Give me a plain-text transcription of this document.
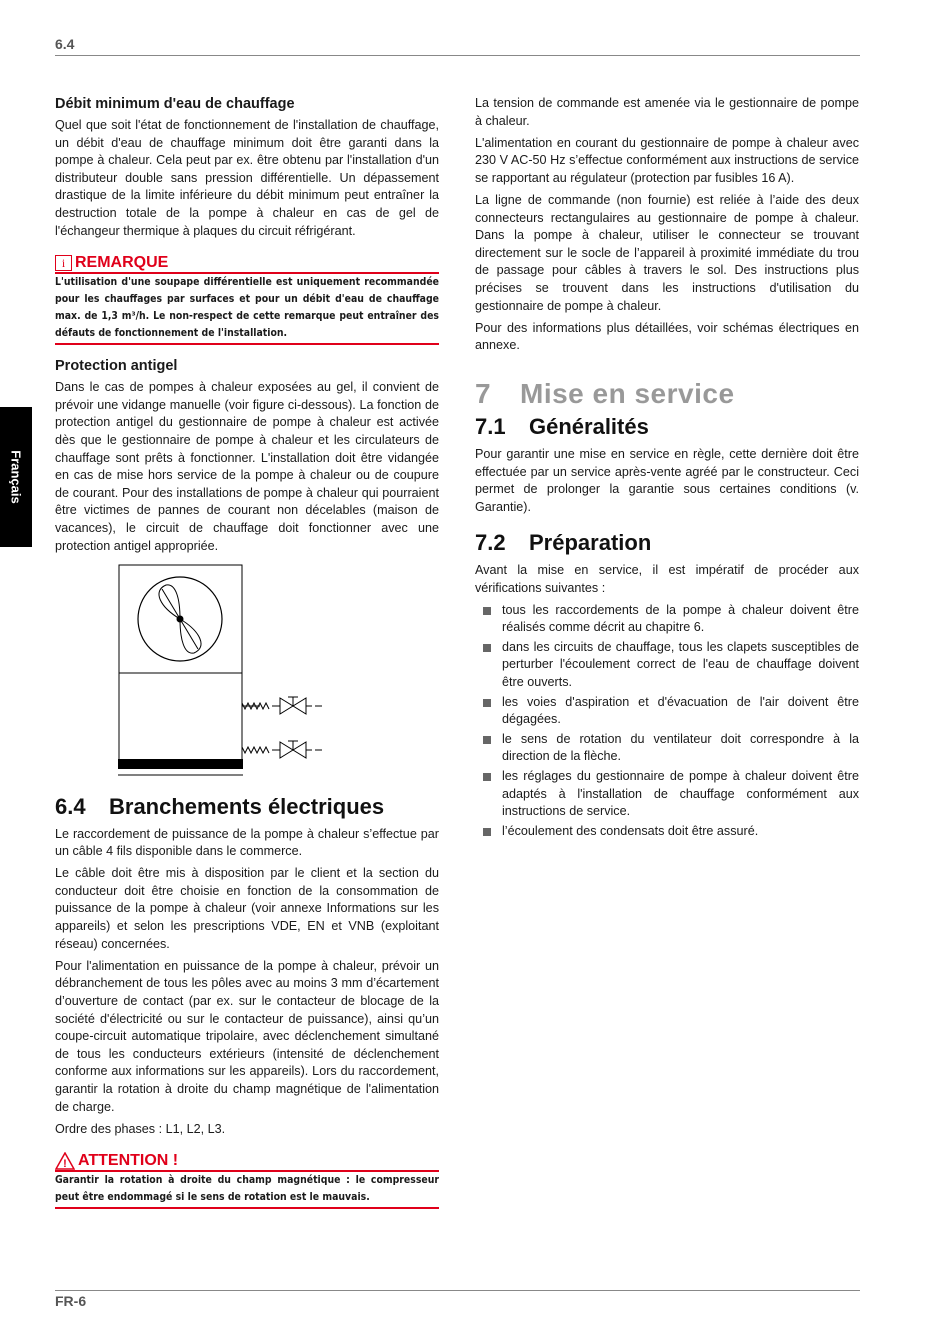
6.4
Français
Débit minimum d'eau de chauffage

Quel que soit l'état de fonctionnement de l'installation de chauffage, un débit d'eau de chauffage minimum doit être garanti dans la pompe à chaleur. Cela peut par ex. être obtenu par l'installation d'un distributeur double sans pression différentielle. Un dépassement drastique de la limite inférieure du débit minimum peut entraîner la destruction totale de la pompe à chaleur en cas de gel de l'échangeur thermique à plaques du circuit réfrigérant.

i REMARQUE
L'utilisation d'une soupape différentielle est uniquement recommandée pour les chauffages par surfaces et pour un débit d'eau de chauffage max. de 1,3 m³/h. Le non-respect de cette remarque peut entraîner des défauts de fonctionnement de l'installation.
Protection antigel

Dans le cas de pompes à chaleur exposées au gel, il convient de prévoir une vidange manuelle (voir figure ci-dessous). La fonction de protection antigel du gestionnaire de pompe à chaleur est activée dès que le gestionnaire de pompe à chaleur et les circulateurs de chauffage sont prêts à fonctionner. L'installation doit être vidangée en cas de mise hors service de la pompe à chaleur ou de coupure de courant. Pour des installations de pompe à chaleur qui pourraient être victimes de pannes de courant non décelables (maison de vacances), le circuit de chauffage doit fonctionner avec une protection antigel appropriée.

6.4 Branchements électriques

Le raccordement de puissance de la pompe à chaleur s’effectue par un câble 4 fils disponible dans le commerce.

Le câble doit être mis à disposition par le client et la section du conducteur doit être choisie en fonction de la consommation de puissance de la pompe à chaleur (voir annexe Informations sur les appareils) et selon les prescriptions VDE, EN et VNB (exploitant réseau) concernées.

Pour l'alimentation en puissance de la pompe à chaleur, prévoir un débranchement de tous les pôles avec au moins 3 mm d’écartement d’ouverture de contact (par ex. sur le contacteur de blocage de la société d'électricité ou sur le contacteur de puissance), ainsi qu’un coupe-circuit automatique tripolaire, avec déclenchement simultané de tous les conducteurs extérieurs (intensité de déclenchement conforme aux informations sur les appareils). Lors du raccordement, garantir la rotation à droite du champ magnétique de l'alimentation de charge.

Ordre des phases : L1, L2, L3.

! ATTENTION !
Garantir la rotation à droite du champ magnétique : le compresseur peut être endommagé si le sens de rotation est le mauvais.

La tension de commande est amenée via le gestionnaire de pompe à chaleur.

L'alimentation en courant du gestionnaire de pompe à chaleur avec 230 V AC-50 Hz s’effectue conformément aux instructions de service se rapportant au régulateur (protection par fusibles 16 A).

La ligne de commande (non fournie) est reliée à l’aide des deux connecteurs rectangulaires au gestionnaire de pompe à chaleur. Dans la pompe à chaleur, utiliser le connecteur se trouvant directement sur le socle de l’appareil à proximité immédiate du trou de passage pour câbles à travers le sol. Des instructions plus précises se trouvent dans les instructions d'utilisation du gestionnaire de pompe à chaleur.

Pour des informations plus détaillées, voir schémas électriques en annexe.

7 Mise en service
7.1 Généralités

Pour garantir une mise en service en règle, cette dernière doit être effectuée par un service après-vente agréé par le constructeur. Ceci permet de prolonger la garantie sous certaines conditions (v. Garantie).

7.2 Préparation

Avant la mise en service, il est impératif de procéder aux vérifications suivantes :

tous les raccordements de la pompe à chaleur doivent être réalisés comme décrit au chapitre 6.
dans les circuits de chauffage, tous les clapets susceptibles de perturber l'écoulement correct de l'eau de chauffage doivent être ouverts.
les voies d'aspiration et d'évacuation de l'air doivent être dégagées.
le sens de rotation du ventilateur doit correspondre à la direction de la flèche.
les réglages du gestionnaire de pompe à chaleur doivent être adaptés à l'installation de chauffage conformément aux instructions de service.
l’écoulement des condensats doit être assuré.
FR-6
